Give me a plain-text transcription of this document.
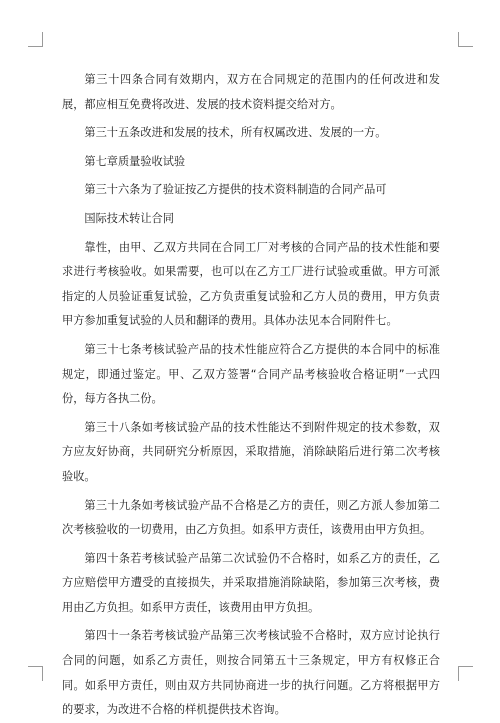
第三十四条合同有效期内，双方在合同规定的范围内的任何改进和发展，都应相互免费将改进、发展的技术资料提交给对方。

第三十五条改进和发展的技术，所有权属改进、发展的一方。

第七章质量验收试验

第三十六条为了验证按乙方提供的技术资料制造的合同产品可

国际技术转让合同

靠性，由甲、乙双方共同在合同工厂对考核的合同产品的技术性能和要求进行考核验收。如果需要，也可以在乙方工厂进行试验或重做。甲方可派指定的人员验证重复试验，乙方负责重复试验和乙方人员的费用，甲方负责甲方参加重复试验的人员和翻译的费用。具体办法见本合同附件七。

第三十七条考核试验产品的技术性能应符合乙方提供的本合同中的标准规定，即通过鉴定。甲、乙双方签署“合同产品考核验收合格证明”一式四份，每方各执二份。

第三十八条如考核试验产品的技术性能达不到附件规定的技术参数，双方应友好协商，共同研究分析原因，采取措施，消除缺陷后进行第二次考核验收。

第三十九条如考核试验产品不合格是乙方的责任，则乙方派人参加第二次考核验收的一切费用，由乙方负担。如系甲方责任，该费用由甲方负担。

第四十条若考核试验产品第二次试验仍不合格时，如系乙方的责任，乙方应赔偿甲方遭受的直接损失，并采取措施消除缺陷，参加第三次考核，费用由乙方负担。如系甲方责任，该费用由甲方负担。

第四十一条若考核试验产品第三次考核试验不合格时，双方应讨论执行合同的问题，如系乙方责任，则按合同第五十三条规定，甲方有权修正合同。如系甲方责任，则由双方共同协商进一步的执行问题。乙方将根据甲方的要求，为改进不合格的样机提供技术咨询。
